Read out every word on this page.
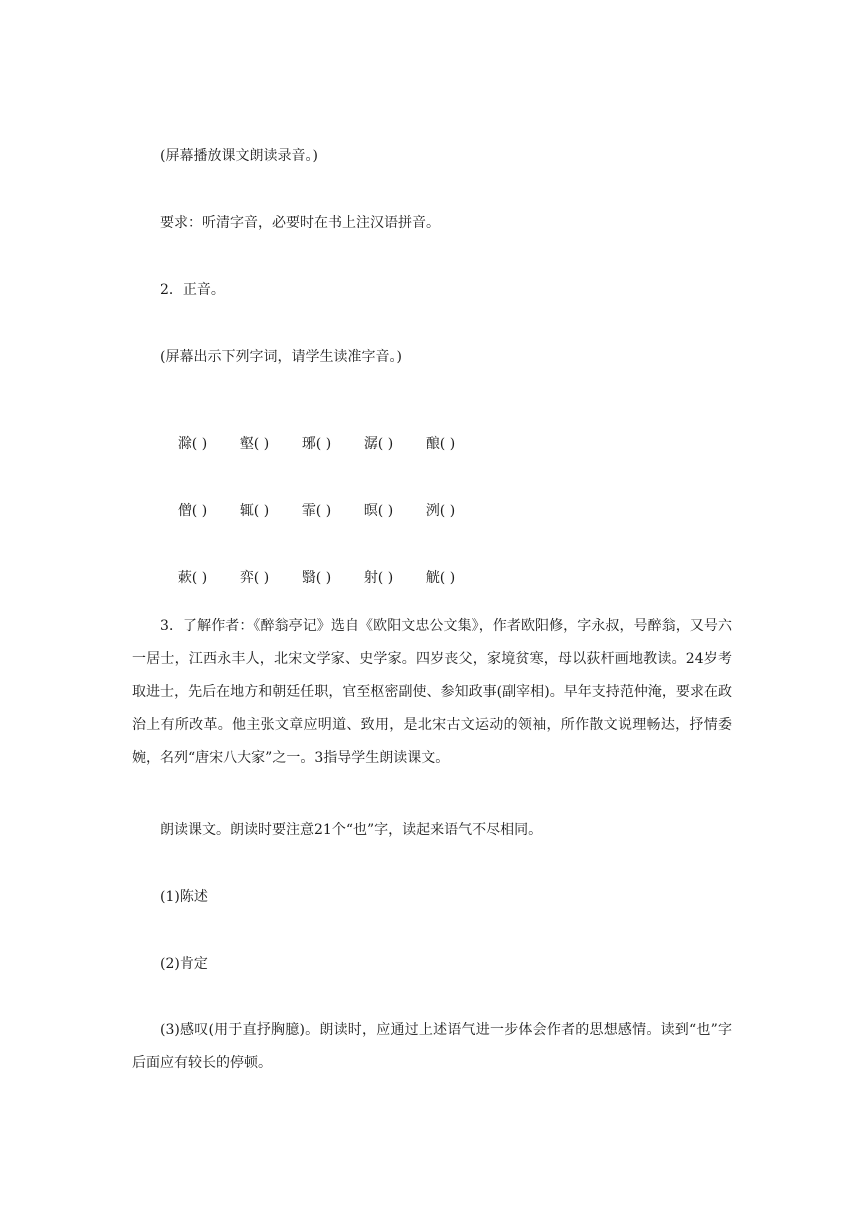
(屏幕播放课文朗读录音。)
要求：听清字音，必要时在书上注汉语拼音。
2．正音。
(屏幕出示下列字词，请学生读准字音。)

滁( ) 壑( ) 琊( ) 潺( ) 酿( )

僧( ) 辄( ) 霏( ) 暝( ) 洌( )

蔌( ) 弈( ) 翳( ) 射( ) 觥( )

3．了解作者：《醉翁亭记》选自《欧阳文忠公文集》，作者欧阳修，字永叔，号醉翁，又号六一居士，江西永丰人，北宋文学家、史学家。四岁丧父，家境贫寒，母以荻杆画地教读。24岁考取进士，先后在地方和朝廷任职，官至枢密副使、参知政事(副宰相)。早年支持范仲淹，要求在政治上有所改革。他主张文章应明道、致用，是北宋古文运动的领袖，所作散文说理畅达，抒情委婉，名列“唐宋八大家”之一。3指导学生朗读课文。
朗读课文。朗读时要注意21个“也”字，读起来语气不尽相同。
(1)陈述
(2)肯定
(3)感叹(用于直抒胸臆)。朗读时，应通过上述语气进一步体会作者的思想感情。读到“也”字后面应有较长的停顿。
